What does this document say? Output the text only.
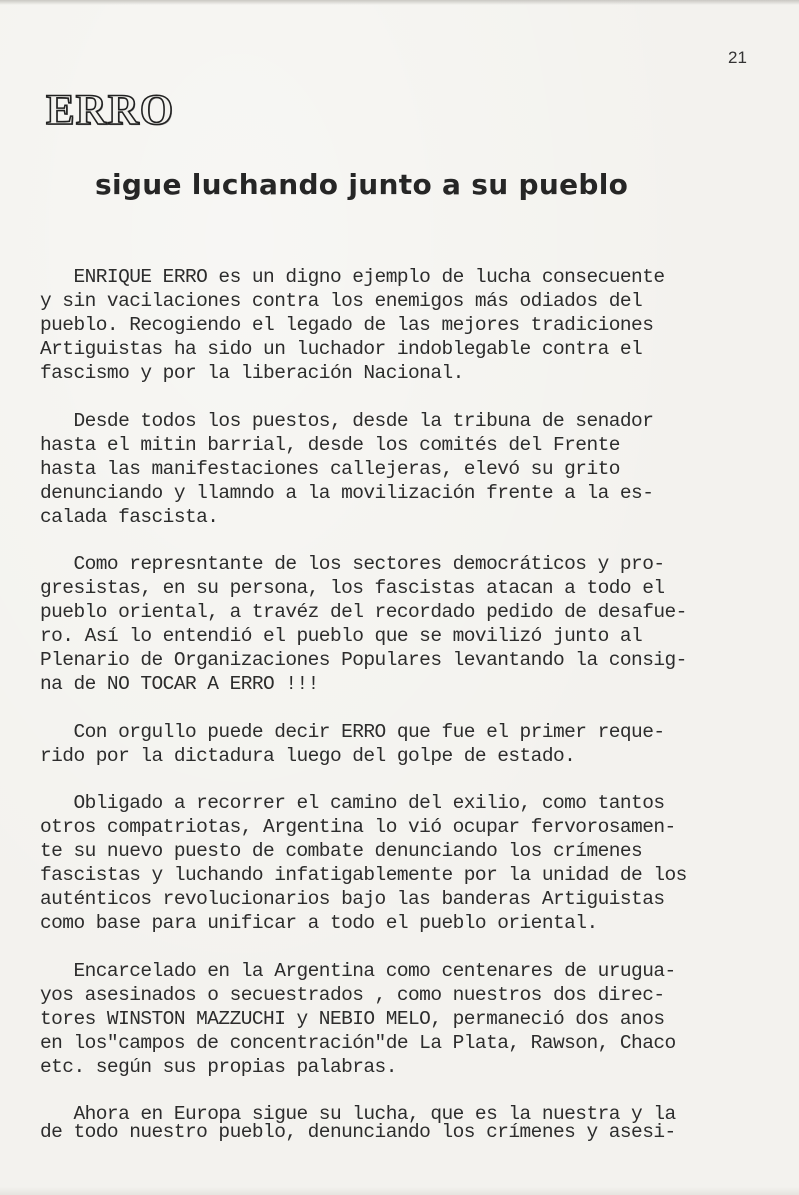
21
ERRO
sigue luchando junto a su pueblo
ENRIQUE ERRO es un digno ejemplo de lucha consecuente
y sin vacilaciones contra los enemigos más odiados del
pueblo. Recogiendo el legado de las mejores tradiciones
Artiguistas ha sido un luchador indoblegable contra el
fascismo y por la liberación Nacional.
Desde todos los puestos, desde la tribuna de senador
hasta el mitin barrial, desde los comités del Frente
hasta las manifestaciones callejeras, elevó su grito
denunciando y llamndo a la movilización frente a la es-
calada fascista.
Como represntante de los sectores democráticos y pro-
gresistas, en su persona, los fascistas atacan a todo el
pueblo oriental, a travéz del recordado pedido de desafue-
ro. Así lo entendió el pueblo que se movilizó junto al
Plenario de Organizaciones Populares levantando la consig-
na de NO TOCAR A ERRO !!!
Con orgullo puede decir ERRO que fue el primer reque-
rido por la dictadura luego del golpe de estado.
Obligado a recorrer el camino del exilio, como tantos
otros compatriotas, Argentina lo vió ocupar fervorosamen-
te su nuevo puesto de combate denunciando los crímenes
fascistas y luchando infatigablemente por la unidad de los
auténticos revolucionarios bajo las banderas Artiguistas
como base para unificar a todo el pueblo oriental.
Encarcelado en la Argentina como centenares de urugua-
yos asesinados o secuestrados , como nuestros dos direc-
tores WINSTON MAZZUCHI y NEBIO MELO, permaneció dos anos
en los"campos de concentración"de La Plata, Rawson, Chaco
etc. según sus propias palabras.
Ahora en Europa sigue su lucha, que es la nuestra y la
de todo nuestro pueblo, denunciando los crímenes y asesi-
